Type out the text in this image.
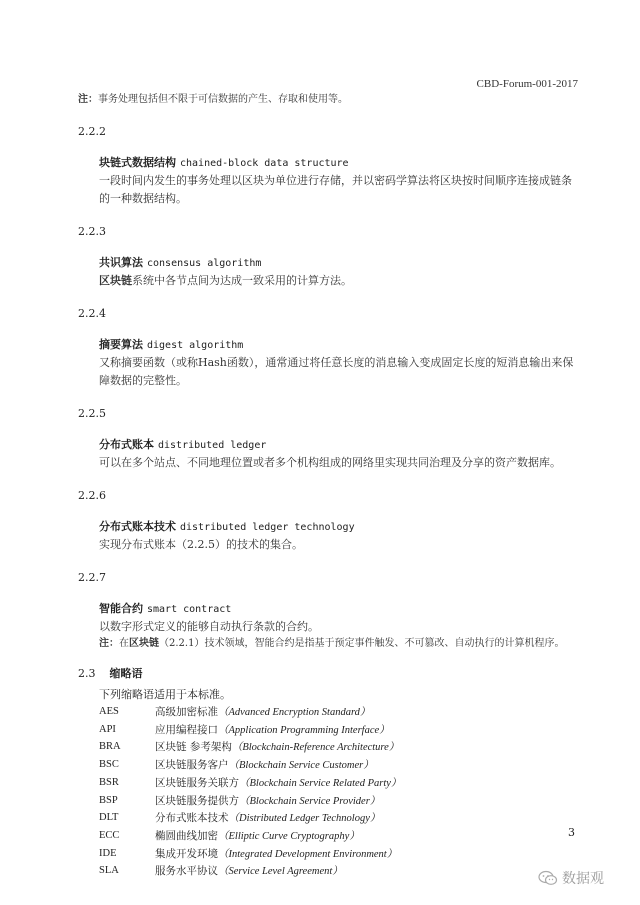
CBD-Forum-001-2017
注：事务处理包括但不限于可信数据的产生、存取和使用等。
2.2.2
块链式数据结构 chained-block data structure
一段时间内发生的事务处理以区块为单位进行存储，并以密码学算法将区块按时间顺序连接成链条的一种数据结构。
2.2.3
共识算法 consensus algorithm
区块链系统中各节点间为达成一致采用的计算方法。
2.2.4
摘要算法 digest algorithm
又称摘要函数（或称Hash函数），通常通过将任意长度的消息输入变成固定长度的短消息输出来保障数据的完整性。
2.2.5
分布式账本 distributed ledger
可以在多个站点、不同地理位置或者多个机构组成的网络里实现共同治理及分享的资产数据库。
2.2.6
分布式账本技术 distributed ledger technology
实现分布式账本（2.2.5）的技术的集合。
2.2.7
智能合约 smart contract
以数字形式定义的能够自动执行条款的合约。
注：在区块链（2.2.1）技术领域，智能合约是指基于预定事件触发、不可篡改、自动执行的计算机程序。
2.3 缩略语
下列缩略语适用于本标准。
AES	高级加密标准（Advanced Encryption Standard）
API	应用编程接口（Application Programming Interface）
BRA	区块链 参考架构（Blockchain-Reference Architecture）
BSC	区块链服务客户（Blockchain Service Customer）
BSR	区块链服务关联方（Blockchain Service Related Party）
BSP	区块链服务提供方（Blockchain Service Provider）
DLT	分布式账本技术（Distributed Ledger Technology）
ECC	椭圆曲线加密（Elliptic Curve Cryptography）
IDE	集成开发环境（Integrated Development Environment）
SLA	服务水平协议（Service Level Agreement）
3
数据观
